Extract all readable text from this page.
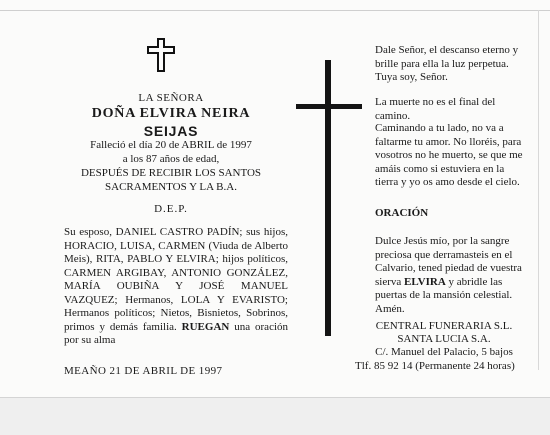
LA SEÑORA
DOÑA ELVIRA NEIRA
SEIJAS
Falleció el día 20 de ABRIL de 1997
a los 87 años de edad,
DESPUÉS DE RECIBIR LOS SANTOS
SACRAMENTOS Y LA B.A.
D.E.P.
Su esposo, DANIEL CASTRO PADÍN; sus hijos, HORACIO, LUISA, CARMEN (Viuda de Alberto Meis), RITA, PABLO Y ELVIRA; hijos políticos, CARMEN ARGIBAY, ANTONIO GONZÁLEZ, MARÍA OUBIÑA Y JOSÉ MANUEL VAZQUEZ; Hermanos, LOLA Y EVARISTO; Hermanos políticos; Nietos, Bisnietos, Sobrinos, primos y demás familia. RUEGAN una oración por su alma
MEAÑO 21 DE ABRIL DE 1997
Dale Señor, el descanso eterno y brille para ella la luz perpetua. Tuya soy, Señor.
La muerte no es el final del camino.
Caminando a tu lado, no va a faltarme tu amor. No lloréis, para vosotros no he muerto, se que me amáis como si estuviera en la tierra y yo os amo desde el cielo.
ORACIÓN
Dulce Jesús mío, por la sangre preciosa que derramasteis en el Calvario, tened piedad de vuestra sierva ELVIRA y abridle las puertas de la mansión celestial. Amén.
CENTRAL FUNERARIA S.L.
SANTA LUCIA S.A.
C/. Manuel del Palacio, 5 bajos
Tlf. 85 92 14 (Permanente 24 horas)
